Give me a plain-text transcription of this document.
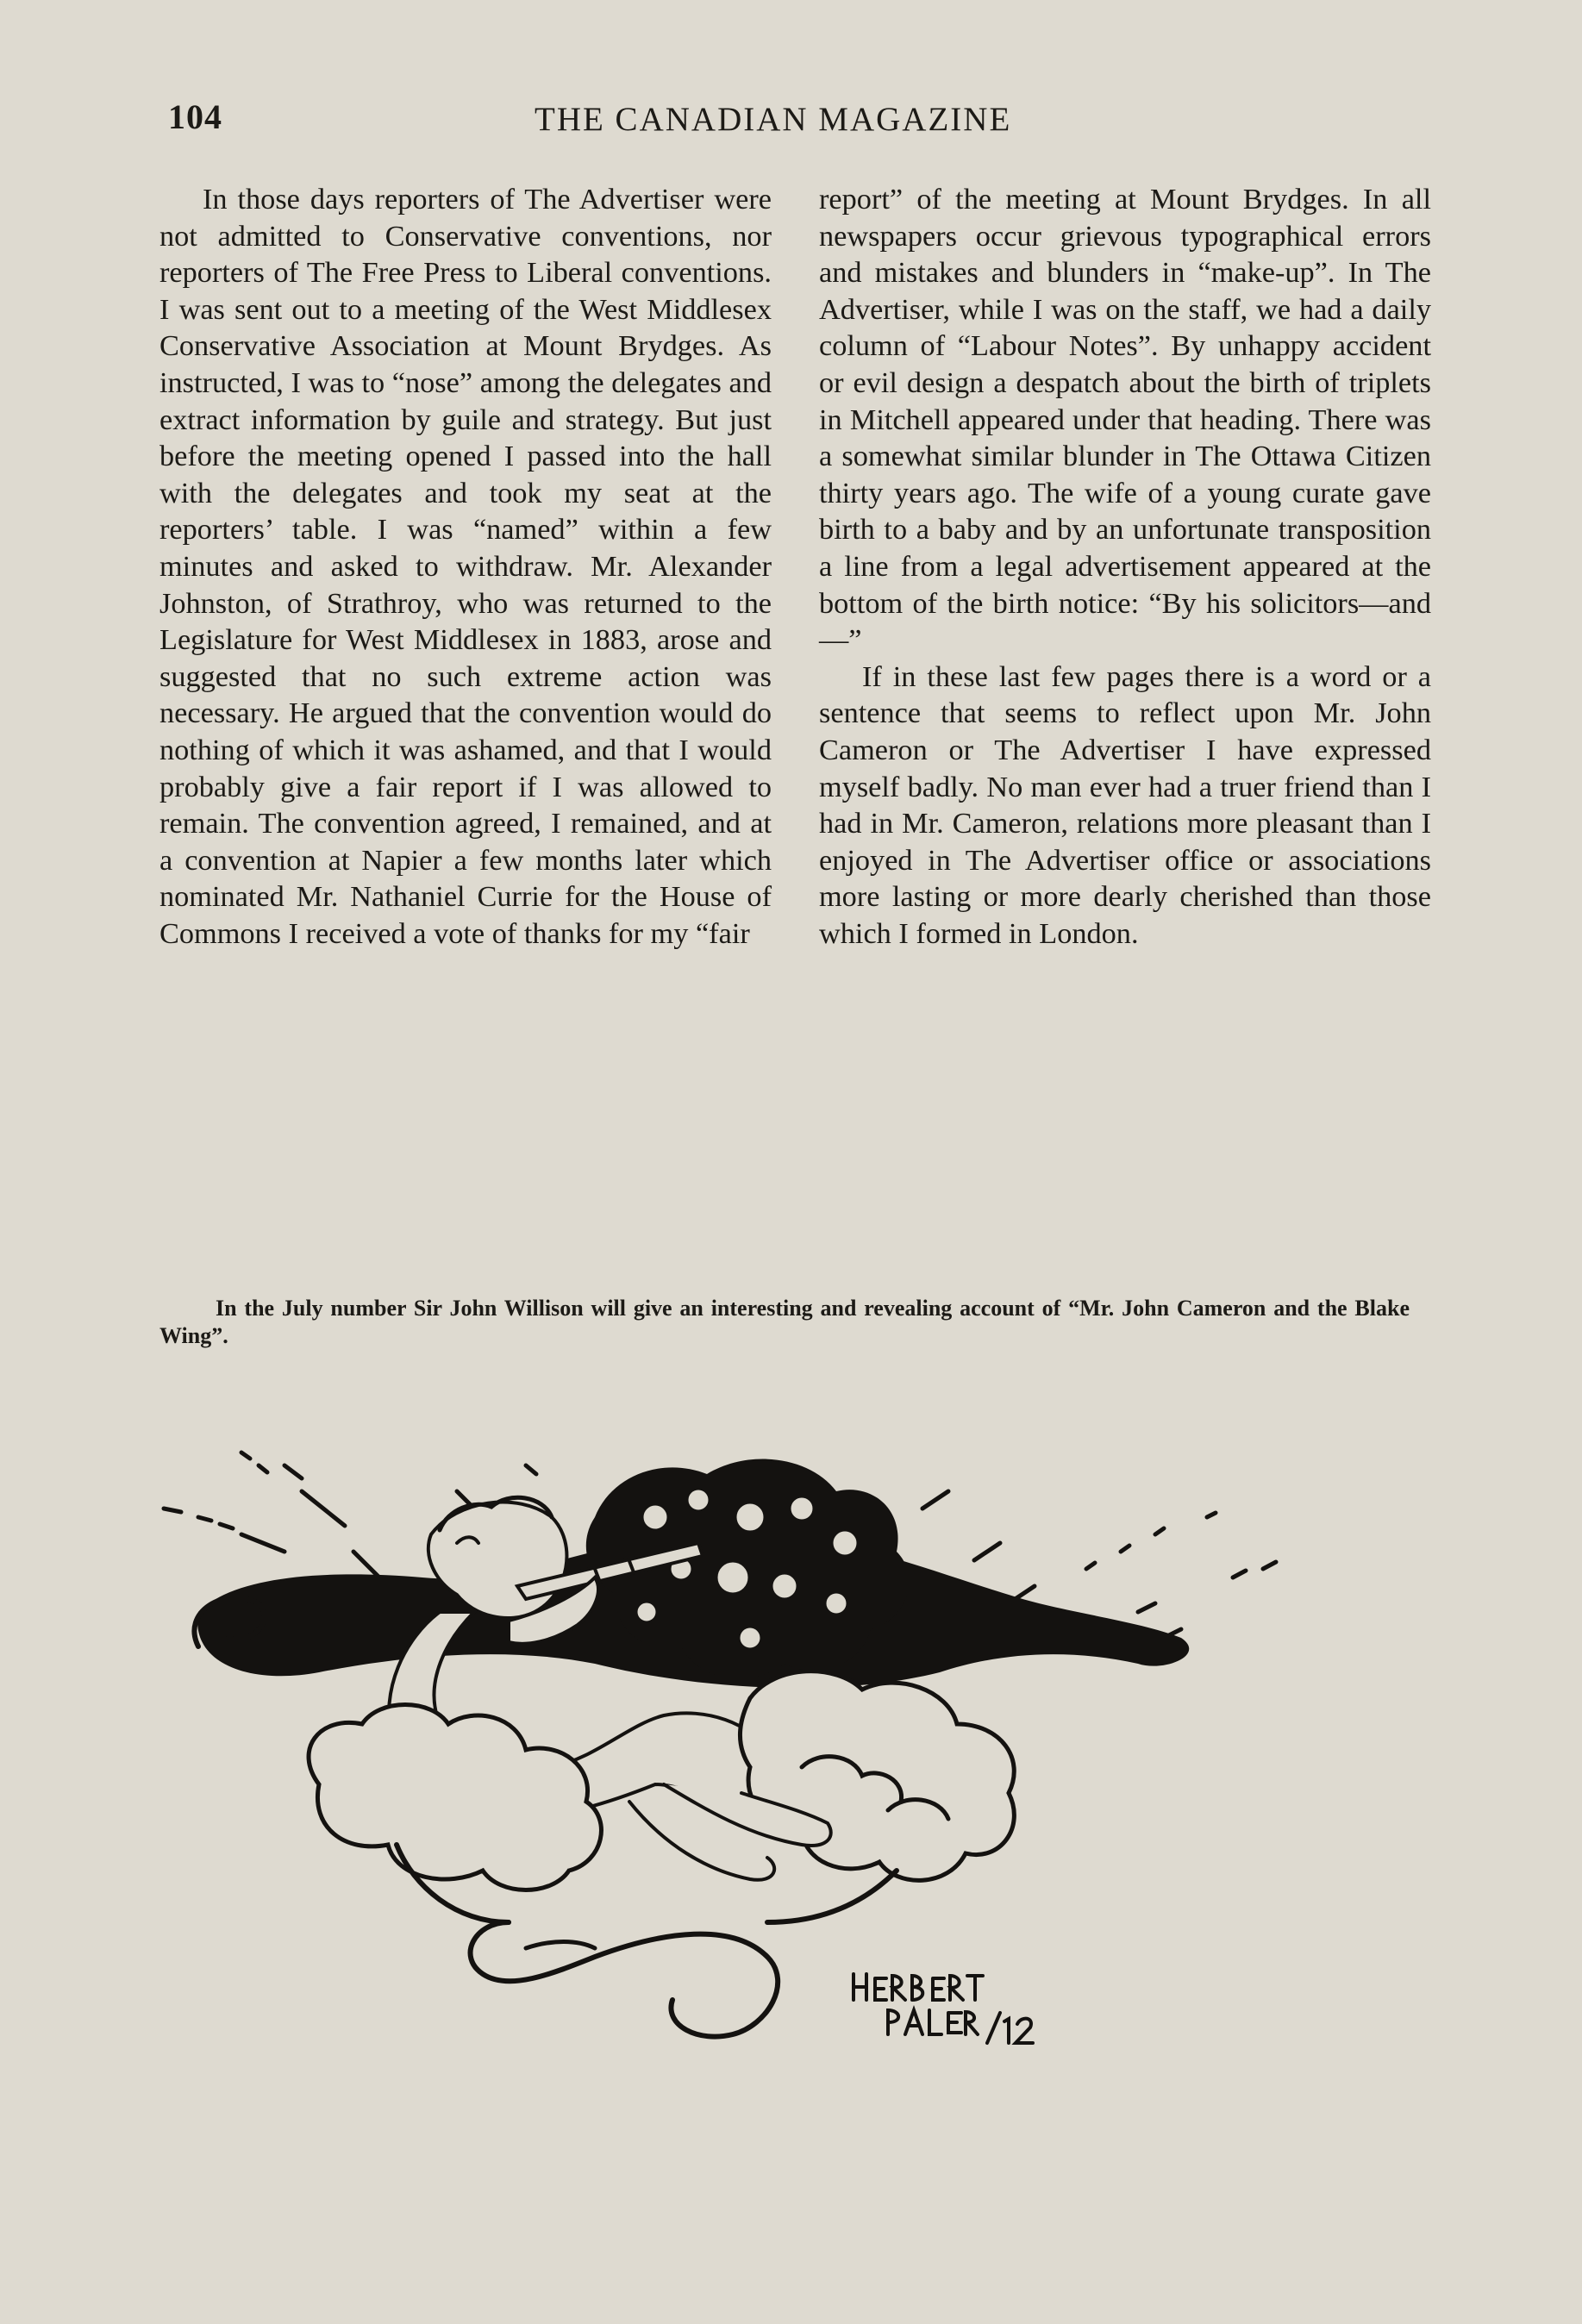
104	THE CANADIAN MAGAZINE

In those days reporters of The Advertiser were not admitted to Conservative conventions, nor reporters of The Free Press to Liberal conventions. I was sent out to a meeting of the West Middlesex Conservative Association at Mount Brydges. As instructed, I was to “nose” among the delegates and extract information by guile and strategy. But just before the meeting opened I passed into the hall with the delegates and took my seat at the reporters’ table. I was “named” within a few minutes and asked to withdraw. Mr. Alexander Johnston, of Strathroy, who was returned to the Legislature for West Middlesex in 1883, arose and suggested that no such extreme action was necessary. He argued that the convention would do nothing of which it was ashamed, and that I would probably give a fair report if I was allowed to remain. The convention agreed, I remained, and at a convention at Napier a few months later which nominated Mr. Nathaniel Currie for the House of Commons I received a vote of thanks for my “fair

report” of the meeting at Mount Brydges. In all newspapers occur grievous typographical errors and mistakes and blunders in “make-up”. In The Advertiser, while I was on the staff, we had a daily column of “Labour Notes”. By unhappy accident or evil design a despatch about the birth of triplets in Mitchell appeared under that heading. There was a somewhat similar blunder in The Ottawa Citizen thirty years ago. The wife of a young curate gave birth to a baby and by an unfortunate transposition a line from a legal advertisement appeared at the bottom of the birth notice: “By his solicitors—and—”

If in these last few pages there is a word or a sentence that seems to reflect upon Mr. John Cameron or The Advertiser I have expressed myself badly. No man ever had a truer friend than I had in Mr. Cameron, relations more pleasant than I enjoyed in The Advertiser office or associations more lasting or more dearly cherished than those which I formed in London.

In the July number Sir John Willison will give an interesting and revealing account of “Mr. John Cameron and the Blake Wing”.
